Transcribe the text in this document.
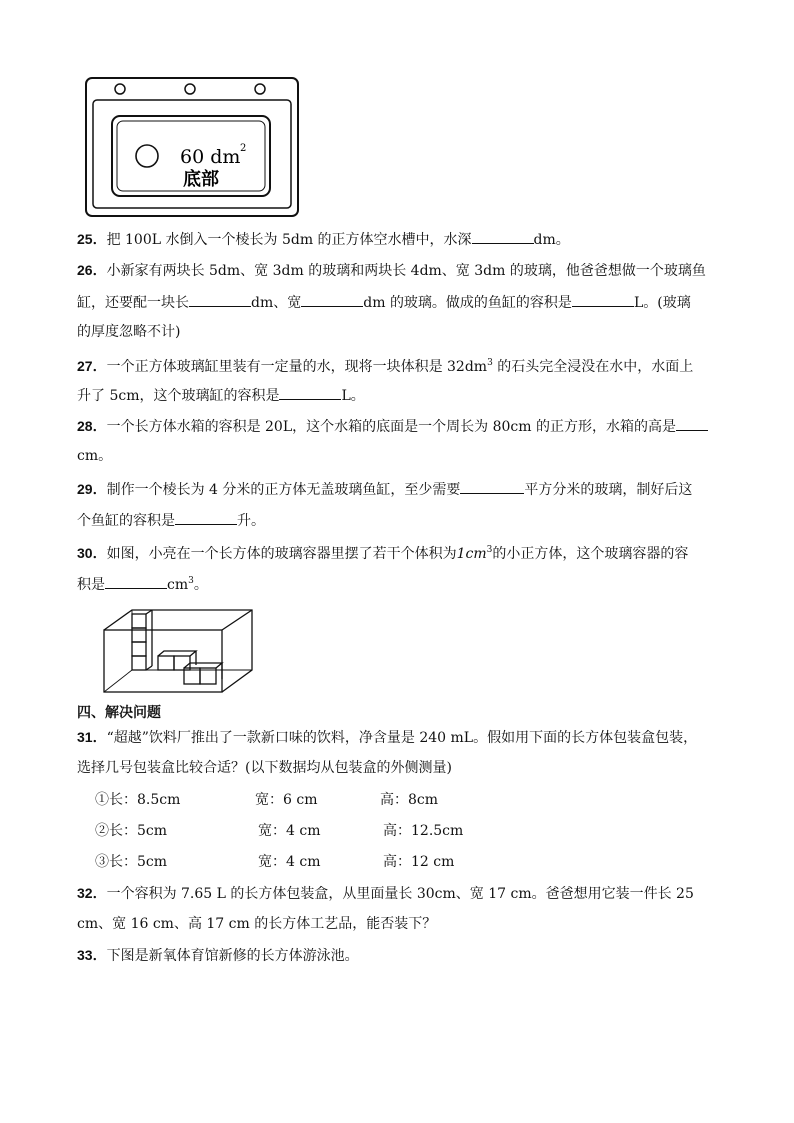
60 dm 2
底部
25．把 100L 水倒入一个棱长为 5dm 的正方体空水槽中，水深	dm。
26．小新家有两块长 5dm、宽 3dm 的玻璃和两块长 4dm、宽 3dm 的玻璃，他爸爸想做一个玻璃鱼
缸，还要配一块长	dm、宽	dm 的玻璃。做成的鱼缸的容积是	L。(玻璃
的厚度忽略不计)
27．一个正方体玻璃缸里装有一定量的水，现将一块体积是 $32dm^3$ 的石头完全浸没在水中，水面上
升了 5cm，这个玻璃缸的容积是	L。
28．一个长方体水箱的容积是 20L，这个水箱的底面是一个周长为 80cm 的正方形，水箱的高是
cm。
29．制作一个棱长为 4 分米的正方体无盖玻璃鱼缸，至少需要	平方分米的玻璃，制好后这
个鱼缸的容积是	升。
30．如图，小亮在一个长方体的玻璃容器里摆了若干个体积为$1cm^3$的小正方体，这个玻璃容器的容
积是	$cm^3$。
四、解决问题
31．“超越”饮料厂推出了一款新口味的饮料，净含量是 240 mL。假如用下面的长方体包装盒包装，
选择几号包装盒比较合适？(以下数据均从包装盒的外侧测量)
①长：8.5cm	宽：6 cm	高：8cm
②长：5cm	宽：4 cm	高：12.5cm
③长：5cm	宽：4 cm	高：12 cm
32．一个容积为 7.65 L 的长方体包装盒，从里面量长 30cm、宽 17 cm。爸爸想用它装一件长 25
cm、宽 16 cm、高 17 cm 的长方体工艺品，能否装下？
33．下图是新氧体育馆新修的长方体游泳池。
